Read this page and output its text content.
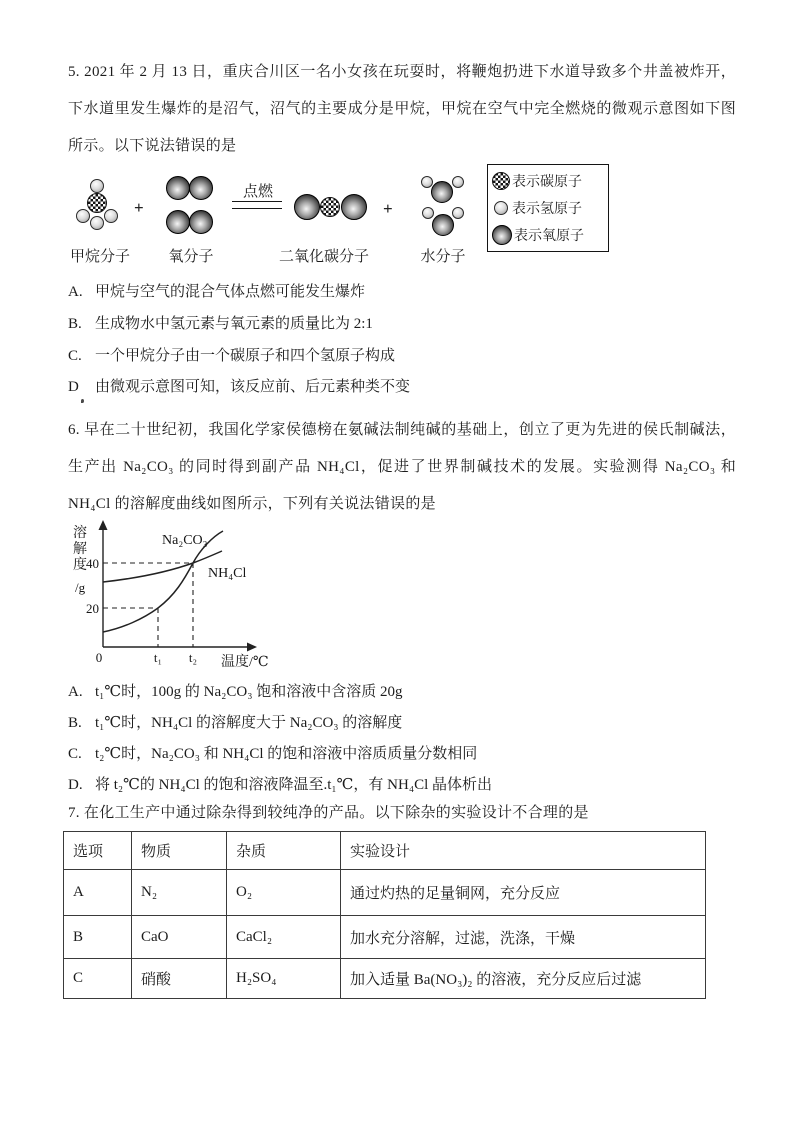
5. 2021 年 2 月 13 日，重庆合川区一名小女孩在玩耍时，将鞭炮扔进下水道导致多个井盖被炸开，下水道里发生爆炸的是沼气，沼气的主要成分是甲烷，甲烷在空气中完全燃烧的微观示意图如下图所示。以下说法错误的是
甲烷分子
+
氧分子
点燃
二氧化碳分子
+
水分子
表示碳原子
表示氢原子
表示氧原子
A. 甲烷与空气的混合气体点燃可能发生爆炸
B. 生成物水中氢元素与氧元素的质量比为 2:1
C. 一个甲烷分子由一个碳原子和四个氢原子构成
D 由微观示意图可知，该反应前、后元素种类不变
6. 早在二十世纪初，我国化学家侯德榜在氨碱法制纯碱的基础上，创立了更为先进的侯氏制碱法，生产出 Na₂CO₃ 的同时得到副产品 NH₄Cl，促进了世界制碱技术的发展。实验测得 Na₂CO₃ 和 NH₄Cl 的溶解度曲线如图所示，下列有关说法错误的是
溶
解
度
/g
40
20
0	t₁ t₂ 温度/℃
Na₂CO₃
NH₄Cl
A. t₁℃时，100g 的 Na₂CO₃ 饱和溶液中含溶质 20g
B. t₁℃时，NH₄Cl 的溶解度大于 Na₂CO₃ 的溶解度
C. t₂℃时，Na₂CO₃ 和 NH₄Cl 的饱和溶液中溶质质量分数相同
D. 将 t₂℃的 NH₄Cl 的饱和溶液降温至.t₁℃，有 NH₄Cl 晶体析出
7. 在化工生产中通过除杂得到较纯净的产品。以下除杂的实验设计不合理的是
选项	物质	杂质	实验设计
A	N₂	O₂	通过灼热的足量铜网，充分反应
B	CaO	CaCl₂	加水充分溶解，过滤，洗涤，干燥
C	硝酸	H₂SO₄	加入适量 Ba(NO₃)₂ 的溶液，充分反应后过滤
